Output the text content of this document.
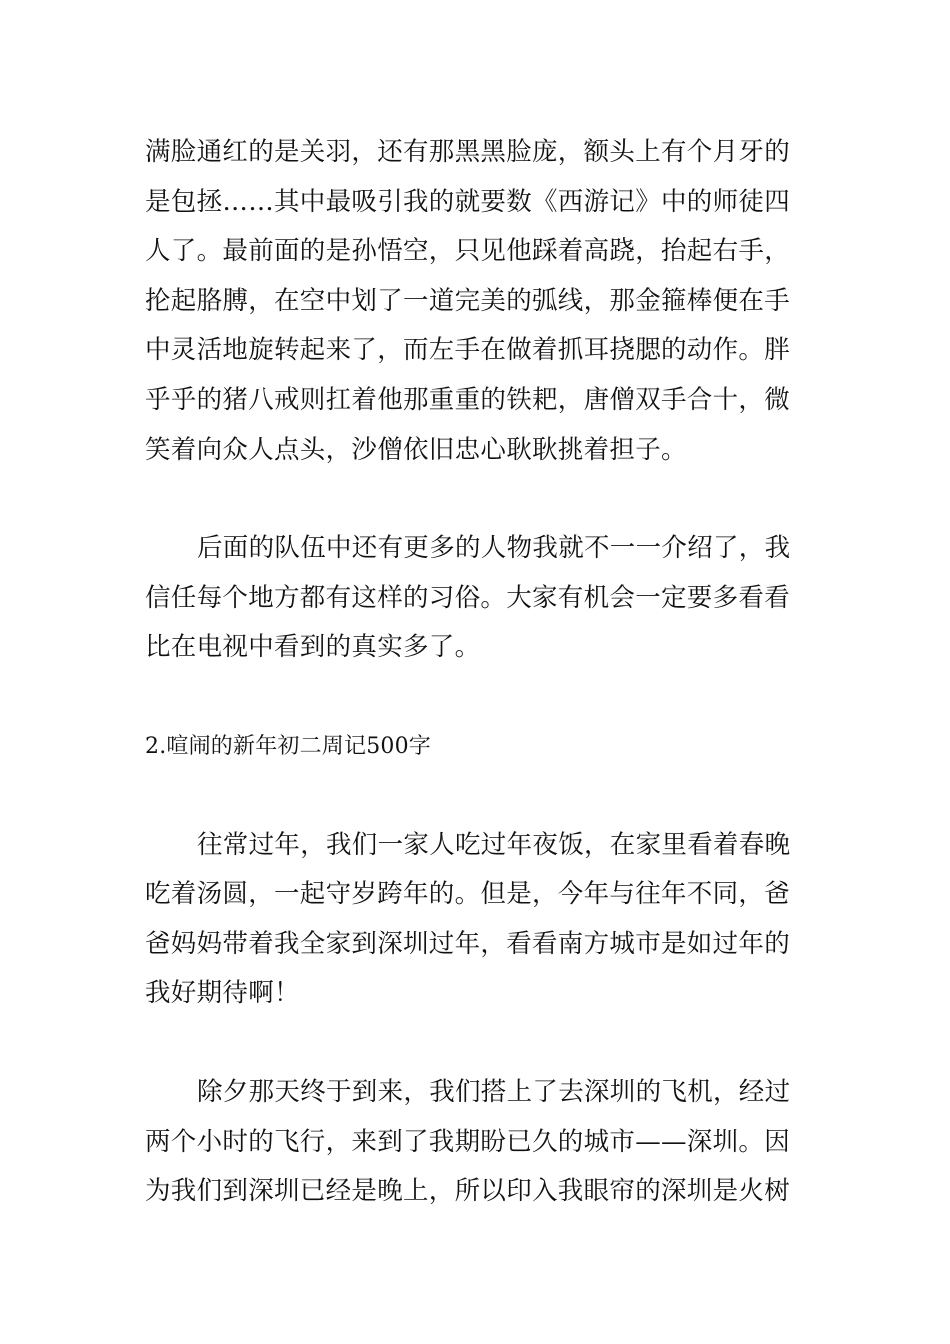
满脸通红的是关羽，还有那黑黑脸庞，额头上有个月牙的
是包拯……其中最吸引我的就要数《西游记》中的师徒四
人了。最前面的是孙悟空，只见他踩着高跷，抬起右手，
抡起胳膊，在空中划了一道完美的弧线，那金箍棒便在手
中灵活地旋转起来了，而左手在做着抓耳挠腮的动作。胖
乎乎的猪八戒则扛着他那重重的铁耙，唐僧双手合十，微
笑着向众人点头，沙僧依旧忠心耿耿挑着担子。
后面的队伍中还有更多的人物我就不一一介绍了，我
信任每个地方都有这样的习俗。大家有机会一定要多看看
比在电视中看到的真实多了。
2.喧闹的新年初二周记500字
往常过年，我们一家人吃过年夜饭，在家里看着春晚
吃着汤圆，一起守岁跨年的。但是，今年与往年不同，爸
爸妈妈带着我全家到深圳过年，看看南方城市是如过年的
我好期待啊！
除夕那天终于到来，我们搭上了去深圳的飞机，经过
两个小时的飞行，来到了我期盼已久的城市——深圳。因
为我们到深圳已经是晚上，所以印入我眼帘的深圳是火树
